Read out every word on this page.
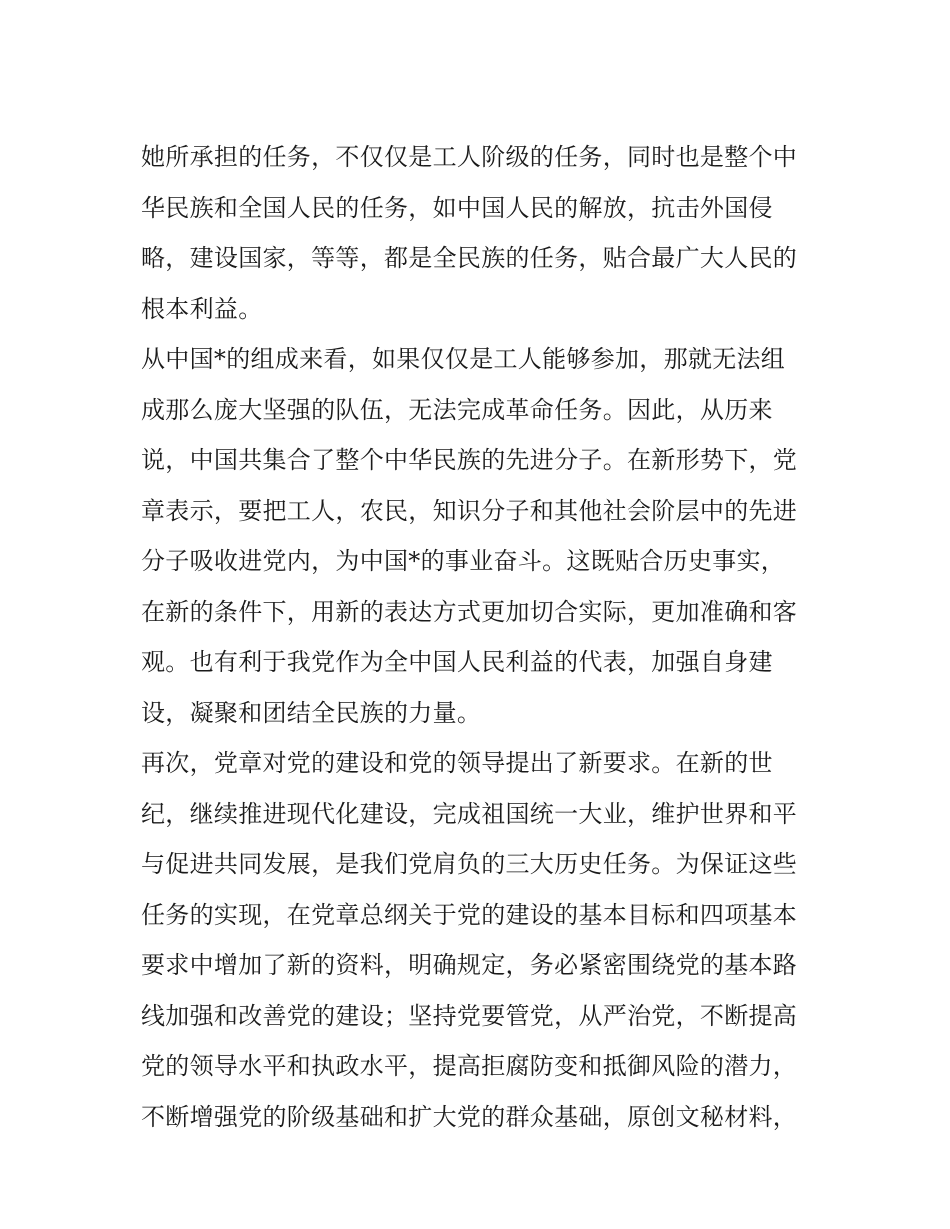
她所承担的任务，不仅仅是工人阶级的任务，同时也是整个中
华民族和全国人民的任务，如中国人民的解放，抗击外国侵
略，建设国家，等等，都是全民族的任务，贴合最广大人民的
根本利益。
从中国*的组成来看，如果仅仅是工人能够参加，那就无法组
成那么庞大坚强的队伍，无法完成革命任务。因此，从历来
说，中国共集合了整个中华民族的先进分子。在新形势下，党
章表示，要把工人，农民，知识分子和其他社会阶层中的先进
分子吸收进党内，为中国*的事业奋斗。这既贴合历史事实，
在新的条件下，用新的表达方式更加切合实际，更加准确和客
观。也有利于我党作为全中国人民利益的代表，加强自身建
设，凝聚和团结全民族的力量。
再次，党章对党的建设和党的领导提出了新要求。在新的世
纪，继续推进现代化建设，完成祖国统一大业，维护世界和平
与促进共同发展，是我们党肩负的三大历史任务。为保证这些
任务的实现，在党章总纲关于党的建设的基本目标和四项基本
要求中增加了新的资料，明确规定，务必紧密围绕党的基本路
线加强和改善党的建设；坚持党要管党，从严治党，不断提高
党的领导水平和执政水平，提高拒腐防变和抵御风险的潜力，
不断增强党的阶级基础和扩大党的群众基础，原创文秘材料，
